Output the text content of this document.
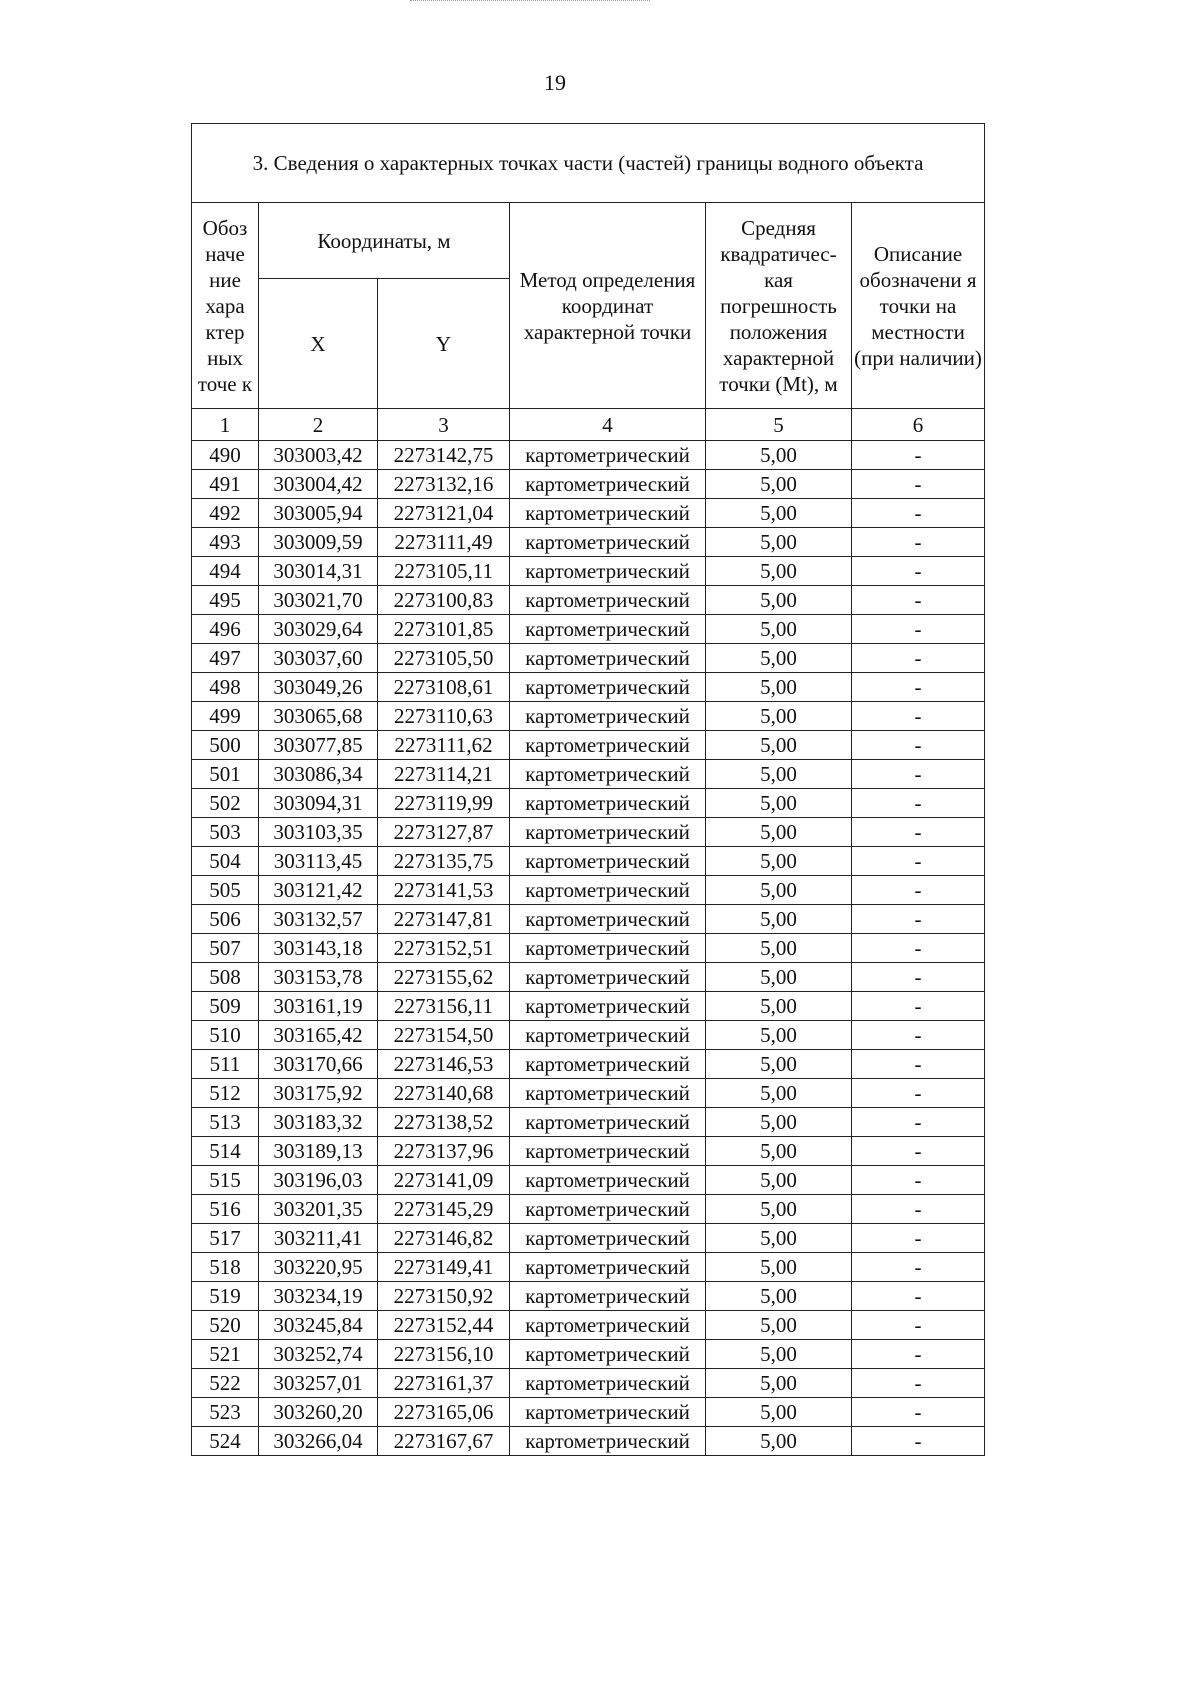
19
3. Сведения о характерных точках части (частей) границы водного объекта					
Обоз наче ние хара ктер ных точе к	Координаты, м		Метод определения координат характерной точки	Средняя квадратичес-кая погрешность положения характерной точки (Mt), м	Описание обозначени я точки на местности (при наличии)
	X	Y			
1	2	3	4	5	6
490	303003,42	2273142,75	картометрический	5,00	-
491	303004,42	2273132,16	картометрический	5,00	-
492	303005,94	2273121,04	картометрический	5,00	-
493	303009,59	2273111,49	картометрический	5,00	-
494	303014,31	2273105,11	картометрический	5,00	-
495	303021,70	2273100,83	картометрический	5,00	-
496	303029,64	2273101,85	картометрический	5,00	-
497	303037,60	2273105,50	картометрический	5,00	-
498	303049,26	2273108,61	картометрический	5,00	-
499	303065,68	2273110,63	картометрический	5,00	-
500	303077,85	2273111,62	картометрический	5,00	-
501	303086,34	2273114,21	картометрический	5,00	-
502	303094,31	2273119,99	картометрический	5,00	-
503	303103,35	2273127,87	картометрический	5,00	-
504	303113,45	2273135,75	картометрический	5,00	-
505	303121,42	2273141,53	картометрический	5,00	-
506	303132,57	2273147,81	картометрический	5,00	-
507	303143,18	2273152,51	картометрический	5,00	-
508	303153,78	2273155,62	картометрический	5,00	-
509	303161,19	2273156,11	картометрический	5,00	-
510	303165,42	2273154,50	картометрический	5,00	-
511	303170,66	2273146,53	картометрический	5,00	-
512	303175,92	2273140,68	картометрический	5,00	-
513	303183,32	2273138,52	картометрический	5,00	-
514	303189,13	2273137,96	картометрический	5,00	-
515	303196,03	2273141,09	картометрический	5,00	-
516	303201,35	2273145,29	картометрический	5,00	-
517	303211,41	2273146,82	картометрический	5,00	-
518	303220,95	2273149,41	картометрический	5,00	-
519	303234,19	2273150,92	картометрический	5,00	-
520	303245,84	2273152,44	картометрический	5,00	-
521	303252,74	2273156,10	картометрический	5,00	-
522	303257,01	2273161,37	картометрический	5,00	-
523	303260,20	2273165,06	картометрический	5,00	-
524	303266,04	2273167,67	картометрический	5,00	-
